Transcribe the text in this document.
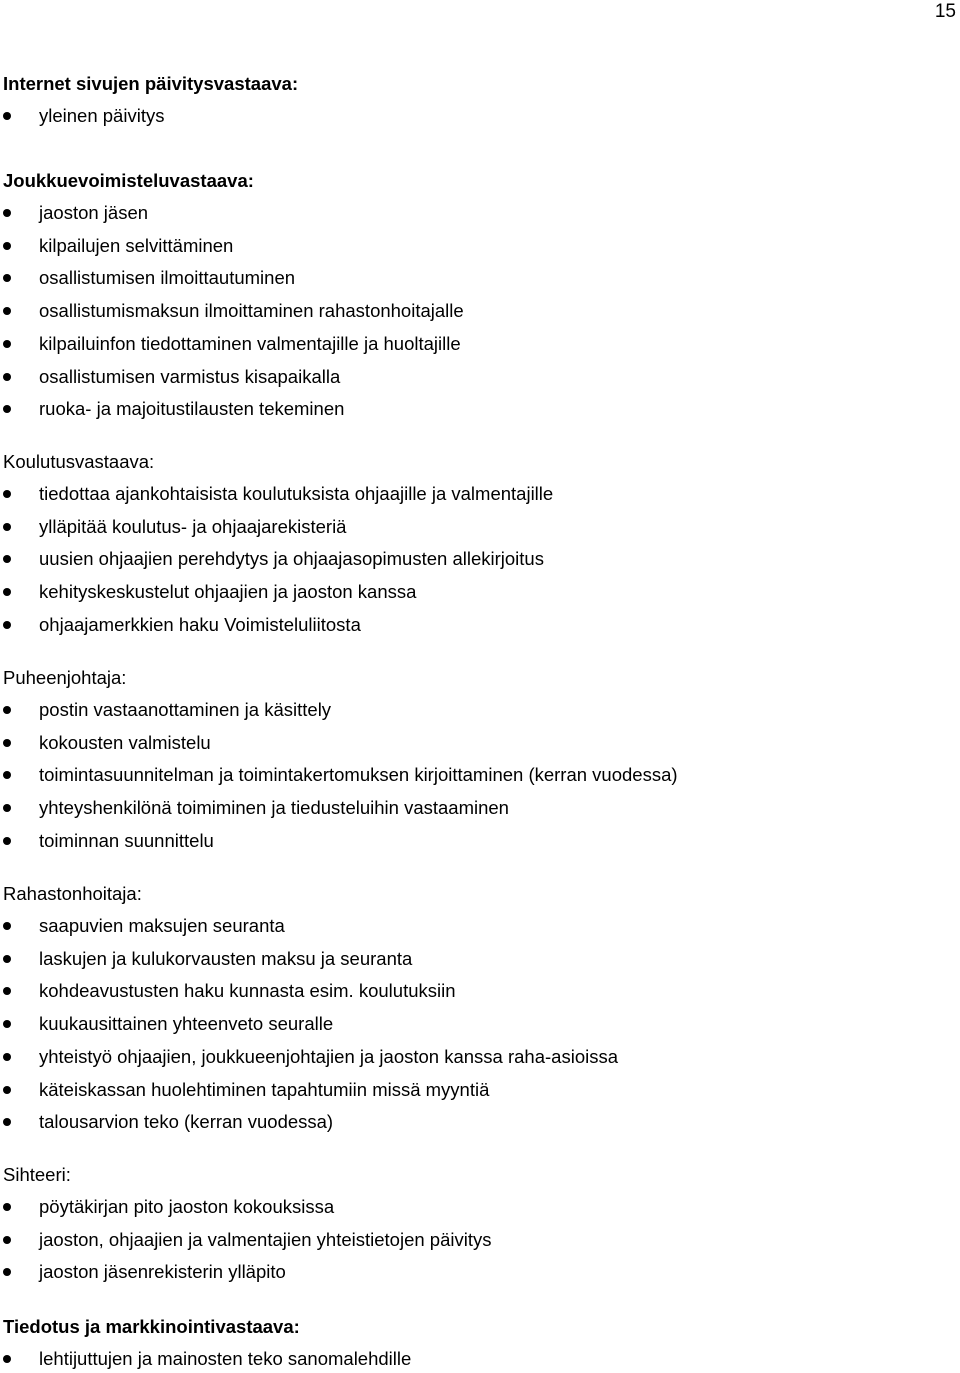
15
Internet sivujen päivitysvastaava:
yleinen päivitys
Joukkuevoimisteluvastaava:
jaoston jäsen
kilpailujen selvittäminen
osallistumisen ilmoittautuminen
osallistumismaksun ilmoittaminen rahastonhoitajalle
kilpailuinfon tiedottaminen valmentajille ja huoltajille
osallistumisen varmistus kisapaikalla
ruoka- ja majoitustilausten tekeminen
Koulutusvastaava:
tiedottaa ajankohtaisista koulutuksista ohjaajille ja valmentajille
ylläpitää koulutus- ja ohjaajarekisteriä
uusien ohjaajien perehdytys ja ohjaajasopimusten allekirjoitus
kehityskeskustelut ohjaajien ja jaoston kanssa
ohjaajamerkkien haku Voimisteluliitosta
Puheenjohtaja:
postin vastaanottaminen ja käsittely
kokousten valmistelu
toimintasuunnitelman ja toimintakertomuksen kirjoittaminen (kerran vuodessa)
yhteyshenkilönä toimiminen ja tiedusteluihin vastaaminen
toiminnan suunnittelu
Rahastonhoitaja:
saapuvien maksujen seuranta
laskujen ja kulukorvausten maksu ja seuranta
kohdeavustusten haku kunnasta esim. koulutuksiin
kuukausittainen yhteenveto seuralle
yhteistyö ohjaajien, joukkueenjohtajien ja jaoston kanssa raha-asioissa
käteiskassan huolehtiminen tapahtumiin missä myyntiä
talousarvion teko (kerran vuodessa)
Sihteeri:
pöytäkirjan pito jaoston kokouksissa
jaoston, ohjaajien ja valmentajien yhteistietojen päivitys
jaoston jäsenrekisterin ylläpito
Tiedotus ja markkinointivastaava:
lehtijuttujen ja mainosten teko sanomalehdille
